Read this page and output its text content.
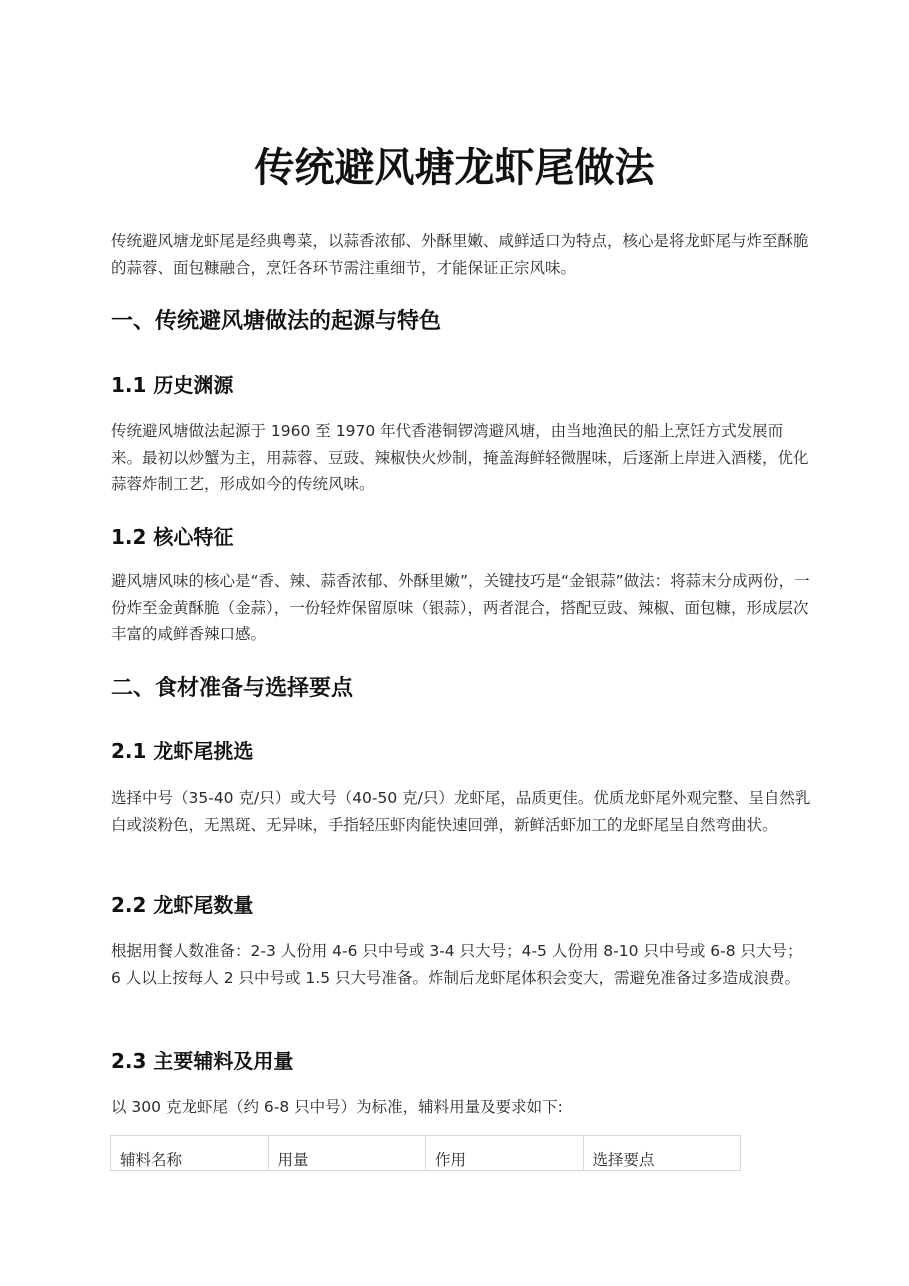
传统避风塘龙虾尾做法

传统避风塘龙虾尾是经典粤菜，以蒜香浓郁、外酥里嫩、咸鲜适口为特点，核心是将龙虾尾与炸至酥脆的蒜蓉、面包糠融合，烹饪各环节需注重细节，才能保证正宗风味。

一、传统避风塘做法的起源与特色
1.1 历史渊源

传统避风塘做法起源于 1960 至 1970 年代香港铜锣湾避风塘，由当地渔民的船上烹饪方式发展而来。最初以炒蟹为主，用蒜蓉、豆豉、辣椒快火炒制，掩盖海鲜轻微腥味，后逐渐上岸进入酒楼，优化蒜蓉炸制工艺，形成如今的传统风味。

1.2 核心特征

避风塘风味的核心是“香、辣、蒜香浓郁、外酥里嫩”，关键技巧是“金银蒜”做法：将蒜末分成两份，一份炸至金黄酥脆（金蒜），一份轻炸保留原味（银蒜），两者混合，搭配豆豉、辣椒、面包糠，形成层次丰富的咸鲜香辣口感。

二、食材准备与选择要点
2.1 龙虾尾挑选

选择中号（35-40 克/只）或大号（40-50 克/只）龙虾尾，品质更佳。优质龙虾尾外观完整、呈自然乳白或淡粉色，无黑斑、无异味，手指轻压虾肉能快速回弹，新鲜活虾加工的龙虾尾呈自然弯曲状。

2.2 龙虾尾数量

根据用餐人数准备：2-3 人份用 4-6 只中号或 3-4 只大号；4-5 人份用 8-10 只中号或 6-8 只大号；6 人以上按每人 2 只中号或 1.5 只大号准备。炸制后龙虾尾体积会变大，需避免准备过多造成浪费。

2.3 主要辅料及用量

以 300 克龙虾尾（约 6-8 只中号）为标准，辅料用量及要求如下:

辅料名称	用量	作用	选择要点
